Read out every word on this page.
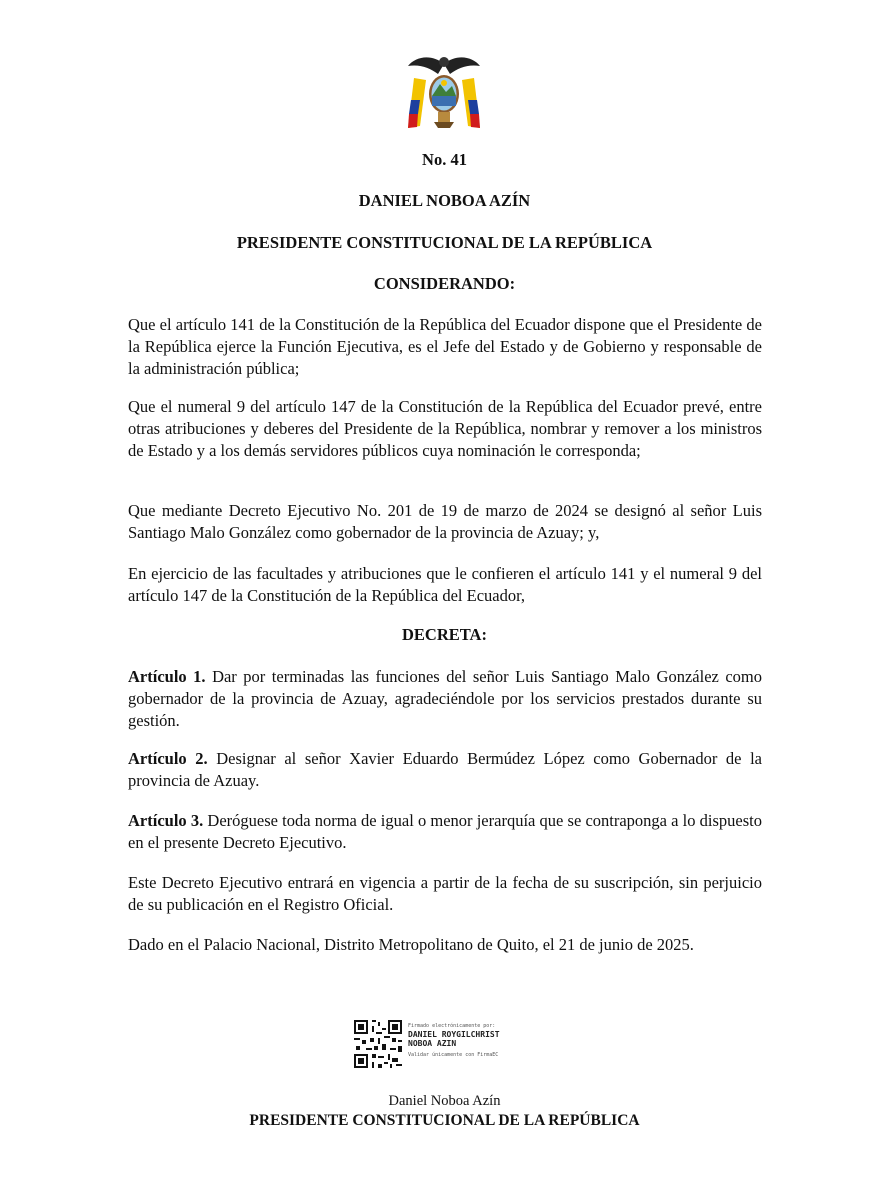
No. 41
DANIEL NOBOA AZÍN
PRESIDENTE CONSTITUCIONAL DE LA REPÚBLICA
CONSIDERANDO:

Que el artículo 141 de la Constitución de la República del Ecuador dispone que el Presidente de la República ejerce la Función Ejecutiva, es el Jefe del Estado y de Gobierno y responsable de la administración pública;

Que el numeral 9 del artículo 147 de la Constitución de la República del Ecuador prevé, entre otras atribuciones y deberes del Presidente de la República, nombrar y remover a los ministros de Estado y a los demás servidores públicos cuya nominación le corresponda;

Que mediante Decreto Ejecutivo No. 201 de 19 de marzo de 2024 se designó al señor Luis Santiago Malo González como gobernador de la provincia de Azuay; y,

En ejercicio de las facultades y atribuciones que le confieren el artículo 141 y el numeral 9 del artículo 147 de la Constitución de la República del Ecuador,

DECRETA:

Artículo 1. Dar por terminadas las funciones del señor Luis Santiago Malo González como gobernador de la provincia de Azuay, agradeciéndole por los servicios prestados durante su gestión.

Artículo 2. Designar al señor Xavier Eduardo Bermúdez López como Gobernador de la provincia de Azuay.

Artículo 3. Deróguese toda norma de igual o menor jerarquía que se contraponga a lo dispuesto en el presente Decreto Ejecutivo.

Este Decreto Ejecutivo entrará en vigencia a partir de la fecha de su suscripción, sin perjuicio de su publicación en el Registro Oficial.

Dado en el Palacio Nacional, Distrito Metropolitano de Quito, el 21 de junio de 2025.

Firmado electrónicamente por:
DANIEL ROYGILCHRIST
NOBOA AZIN
Validar únicamente con FirmaEC
Daniel Noboa Azín
PRESIDENTE CONSTITUCIONAL DE LA REPÚBLICA
